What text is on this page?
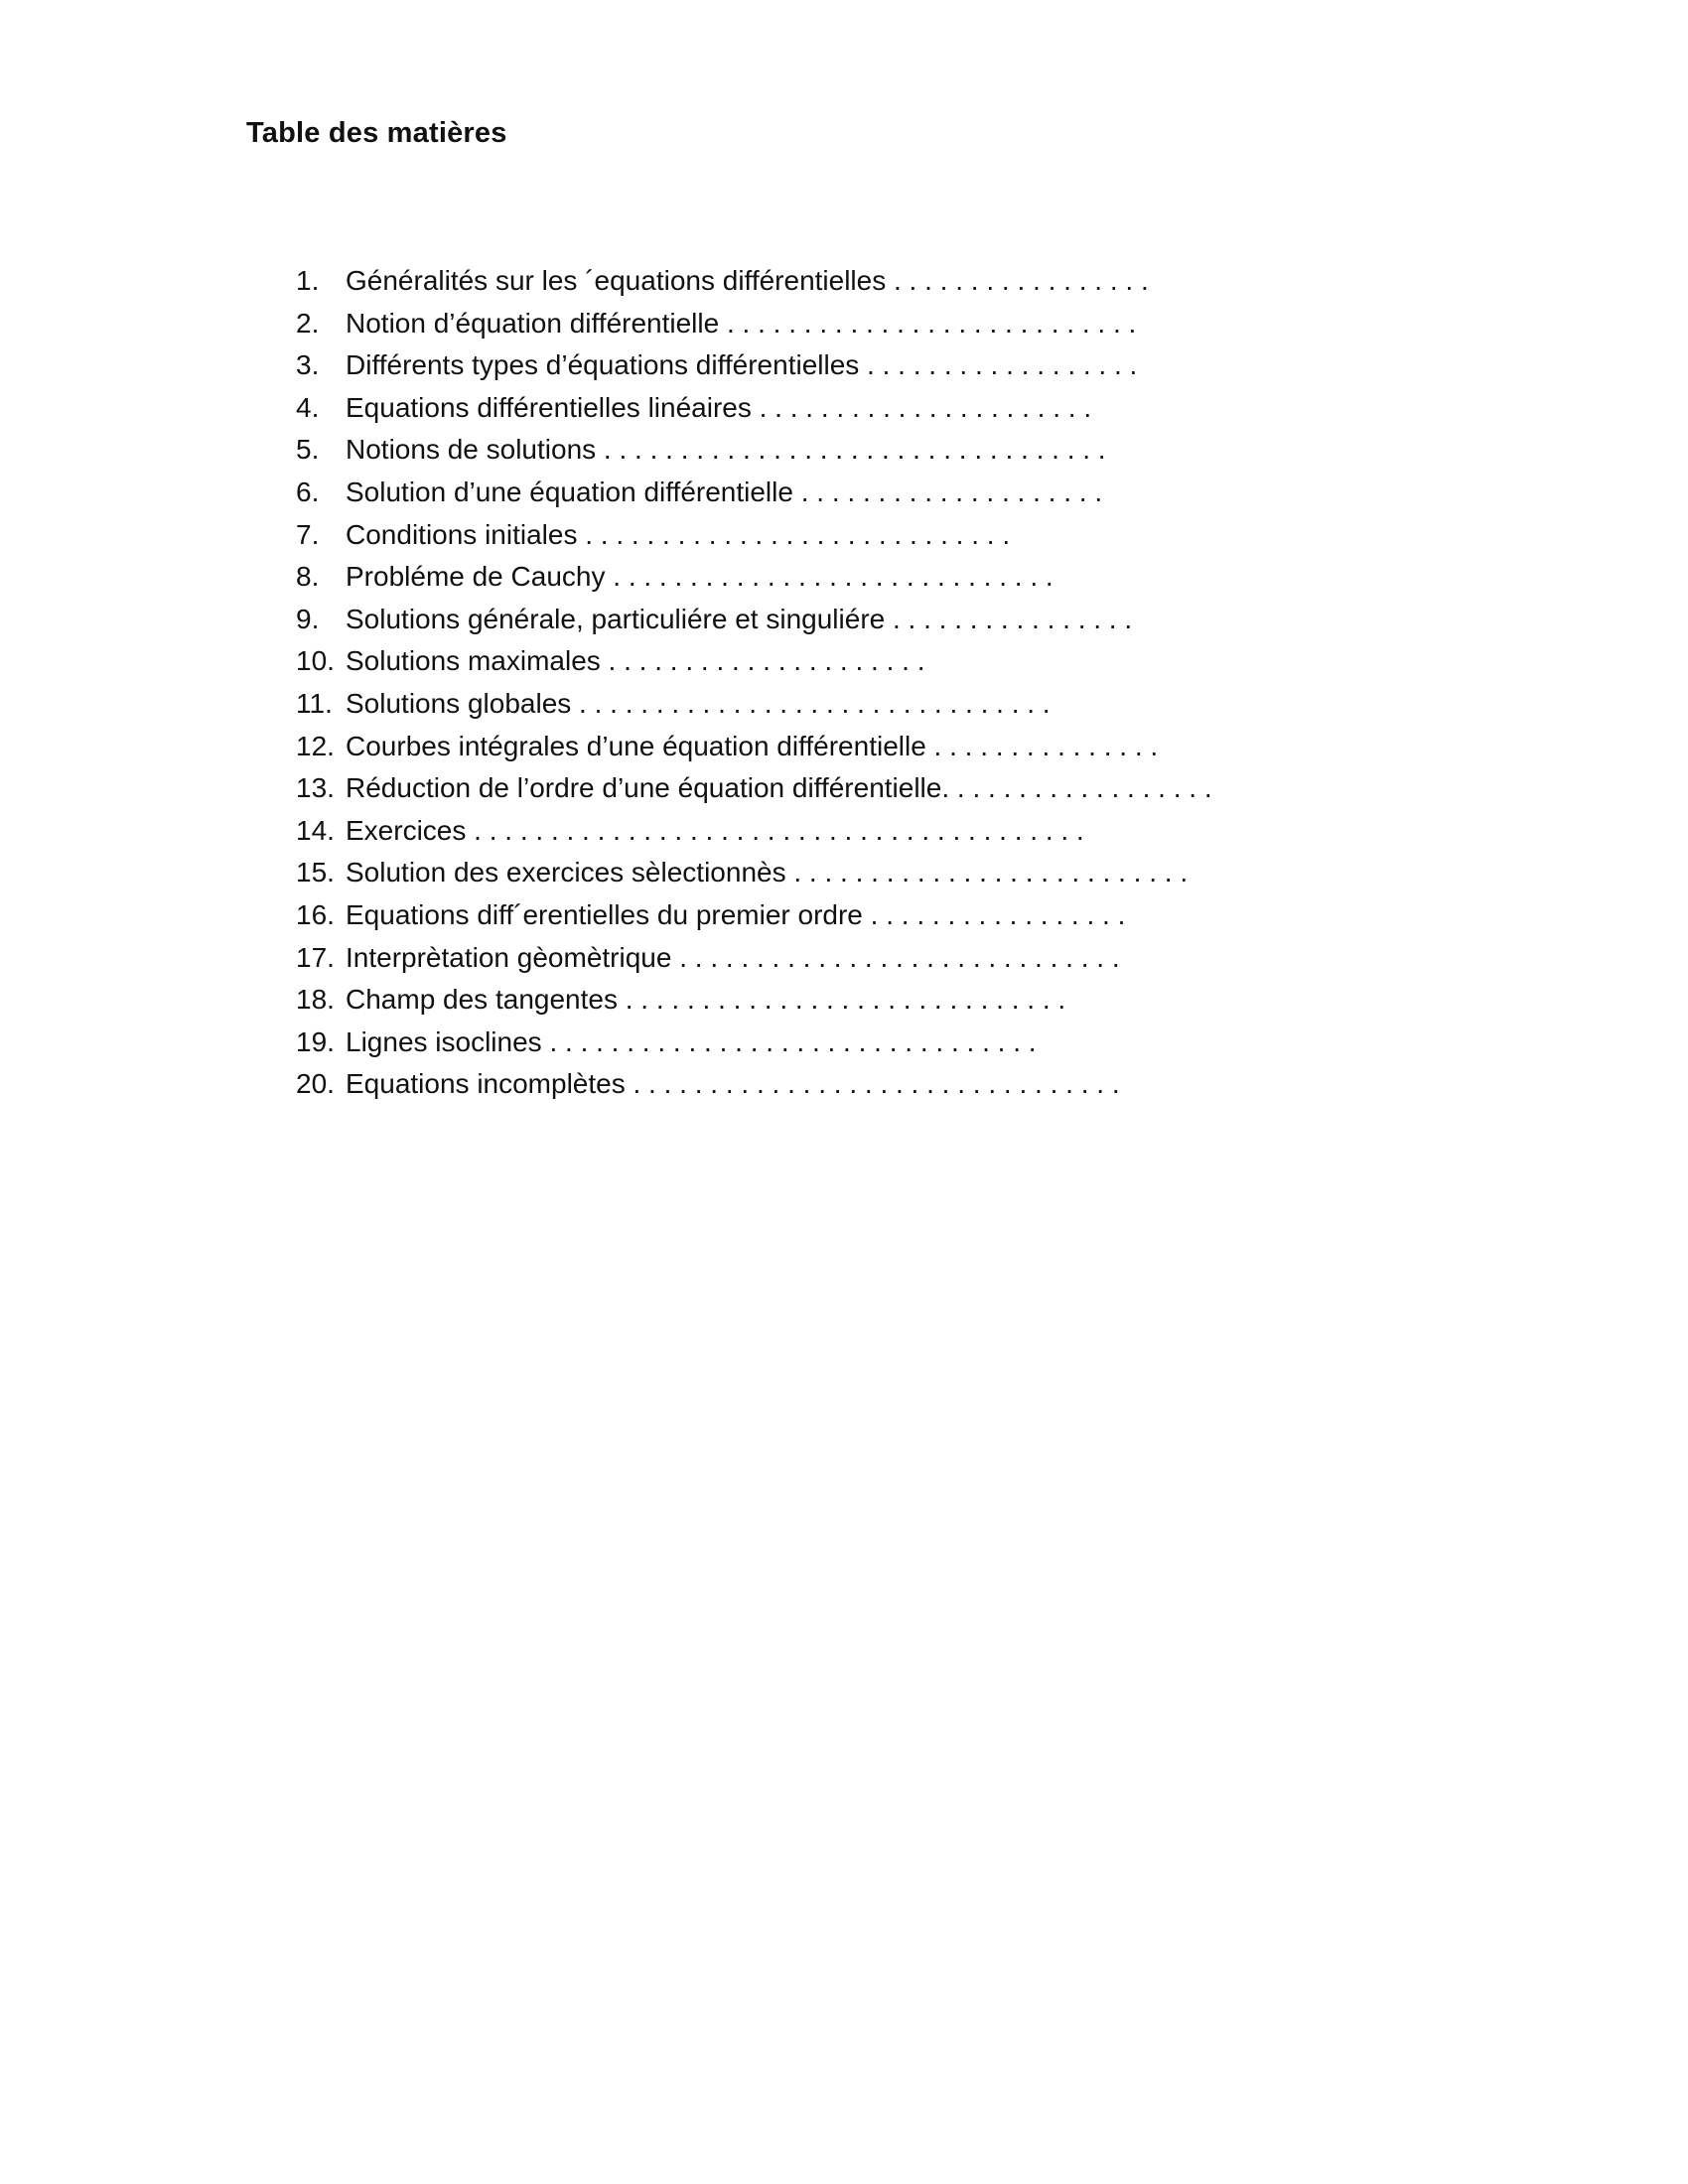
Table des matières
1. Généralités sur les ´equations différentielles . . . . . . . . . . . . . . . . .
2. Notion d’équation différentielle . . . . . . . . . . . . . . . . . . . . . . . . . . .
3. Différents types d’équations différentielles . . . . . . . . . . . . . . . . . .
4. Equations différentielles linéaires . . . . . . . . . . . . . . . . . . . . . .
5. Notions de solutions . . . . . . . . . . . . . . . . . . . . . . . . . . . . . . . . .
6. Solution d’une équation différentielle . . . . . . . . . . . . . . . . . . . .
7. Conditions initiales . . . . . . . . . . . . . . . . . . . . . . . . . . . .
8. Probléme de Cauchy . . . . . . . . . . . . . . . . . . . . . . . . . . . . .
9. Solutions générale, particuliére et singuliére . . . . . . . . . . . . . . . .
10. Solutions maximales . . . . . . . . . . . . . . . . . . . . .
11. Solutions globales . . . . . . . . . . . . . . . . . . . . . . . . . . . . . . .
12. Courbes intégrales d’une équation différentielle . . . . . . . . . . . . . . .
13. Réduction de l’ordre d’une équation différentielle. . . . . . . . . . . . . . . . . .
14. Exercices . . . . . . . . . . . . . . . . . . . . . . . . . . . . . . . . . . . . . . . .
15. Solution des exercices sèlectionnès . . . . . . . . . . . . . . . . . . . . . . . . . .
16. Equations diff´erentielles du premier ordre . . . . . . . . . . . . . . . . .
17. Interprètation gèomètrique . . . . . . . . . . . . . . . . . . . . . . . . . . . . .
18. Champ des tangentes . . . . . . . . . . . . . . . . . . . . . . . . . . . . .
19. Lignes isoclines . . . . . . . . . . . . . . . . . . . . . . . . . . . . . . . .
20. Equations incomplètes . . . . . . . . . . . . . . . . . . . . . . . . . . . . . . . .
